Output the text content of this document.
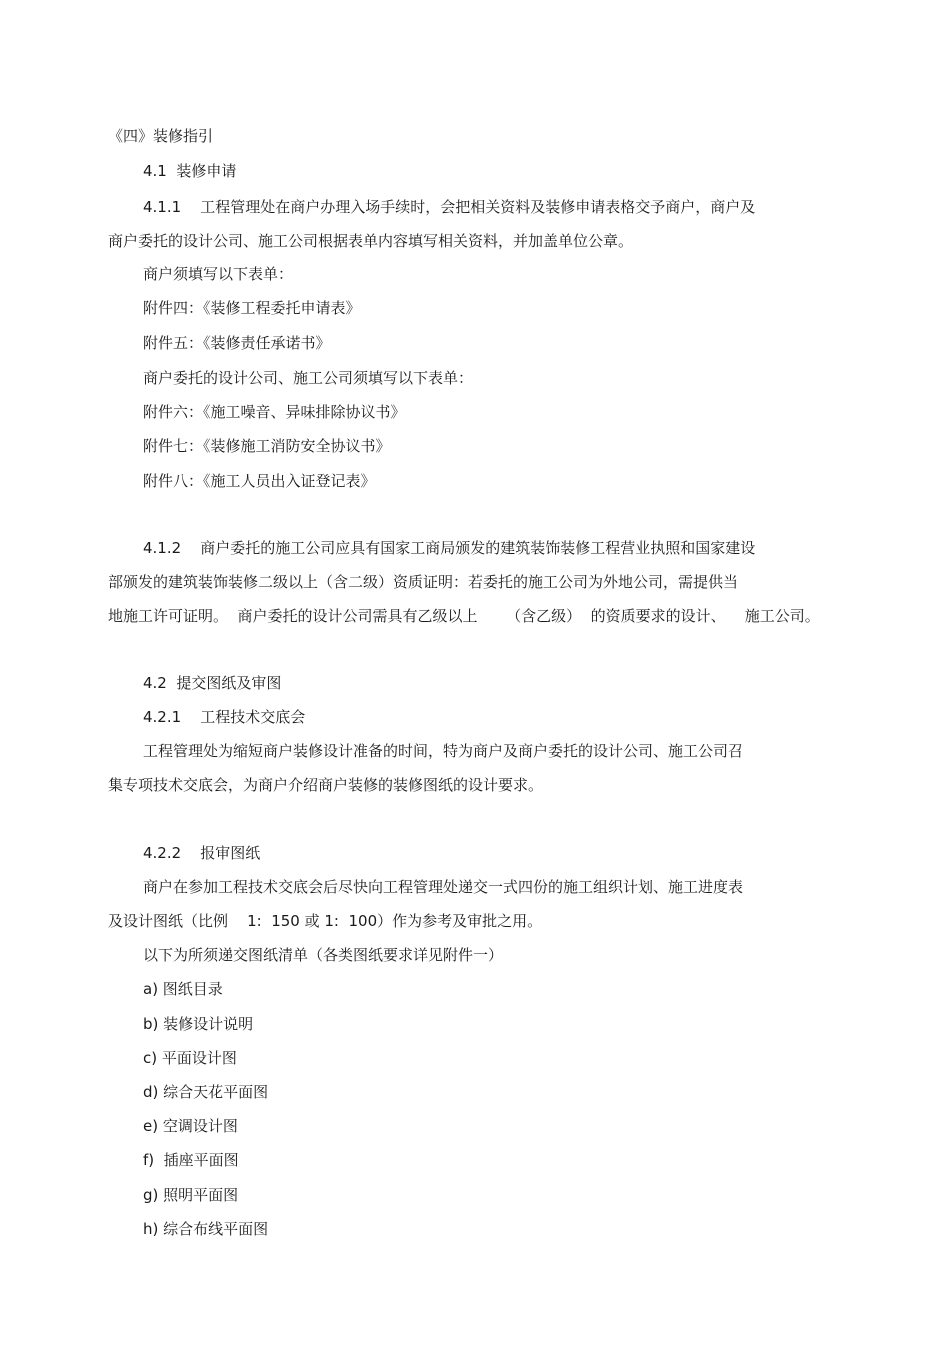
《四》装修指引
4.1  装修申请

4.1.1    工程管理处在商户办理入场手续时，会把相关资料及装修申请表格交予商户，商户及

商户委托的设计公司、施工公司根据表单内容填写相关资料，并加盖单位公章。

商户须填写以下表单：

附件四：《装修工程委托申请表》

附件五：《装修责任承诺书》

商户委托的设计公司、施工公司须填写以下表单：

附件六：《施工噪音、异味排除协议书》

附件七：《装修施工消防安全协议书》

附件八：《施工人员出入证登记表》

4.1.2    商户委托的施工公司应具有国家工商局颁发的建筑装饰装修工程营业执照和国家建设

部颁发的建筑装饰装修二级以上（含二级）资质证明：若委托的施工公司为外地公司，需提供当

地施工许可证明。  商户委托的设计公司需具有乙级以上      （含乙级）  的资质要求的设计、    施工公司。

4.2  提交图纸及审图
4.2.1    工程技术交底会

工程管理处为缩短商户装修设计准备的时间，特为商户及商户委托的设计公司、施工公司召

集专项技术交底会，为商户介绍商户装修的装修图纸的设计要求。

4.2.2    报审图纸

商户在参加工程技术交底会后尽快向工程管理处递交一式四份的施工组织计划、施工进度表

及设计图纸（比例    1:  150 或 1:  100）作为参考及审批之用。

以下为所须递交图纸清单（各类图纸要求详见附件一）

a) 图纸目录

b) 装修设计说明

c) 平面设计图

d) 综合天花平面图

e) 空调设计图

f)  插座平面图

g) 照明平面图

h) 综合布线平面图
